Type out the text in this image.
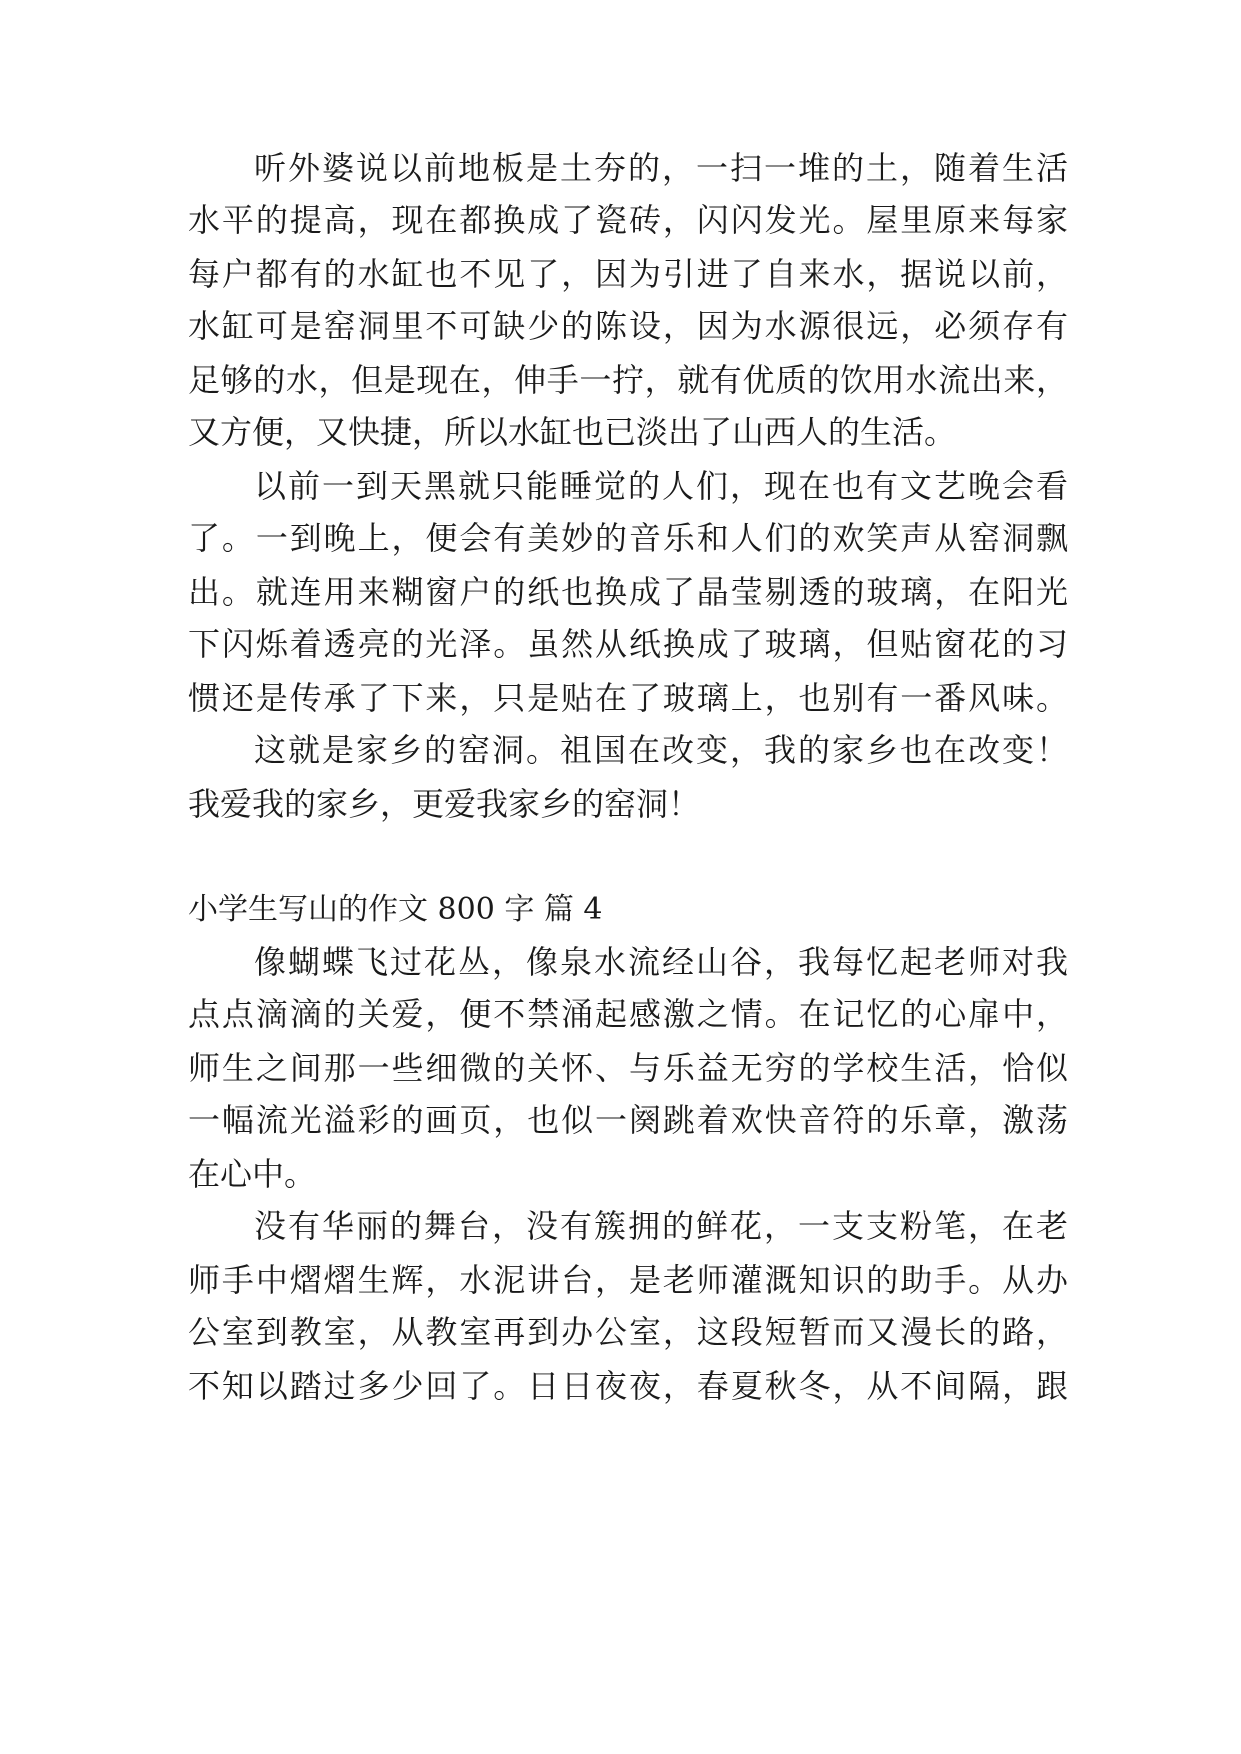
听外婆说以前地板是土夯的，一扫一堆的土，随着生活

水平的提高，现在都换成了瓷砖，闪闪发光。屋里原来每家

每户都有的水缸也不见了，因为引进了自来水，据说以前，

水缸可是窑洞里不可缺少的陈设，因为水源很远，必须存有

足够的水，但是现在，伸手一拧，就有优质的饮用水流出来，

又方便，又快捷，所以水缸也已淡出了山西人的生活。

以前一到天黑就只能睡觉的人们，现在也有文艺晚会看

了。一到晚上，便会有美妙的音乐和人们的欢笑声从窑洞飘

出。就连用来糊窗户的纸也换成了晶莹剔透的玻璃，在阳光

下闪烁着透亮的光泽。虽然从纸换成了玻璃，但贴窗花的习

惯还是传承了下来，只是贴在了玻璃上，也别有一番风味。

这就是家乡的窑洞。祖国在改变，我的家乡也在改变！

我爱我的家乡，更爱我家乡的窑洞！

小学生写山的作文 800 字 篇 4

像蝴蝶飞过花丛，像泉水流经山谷，我每忆起老师对我

点点滴滴的关爱，便不禁涌起感激之情。在记忆的心扉中，

师生之间那一些细微的关怀、与乐益无穷的学校生活，恰似

一幅流光溢彩的画页，也似一阕跳着欢快音符的乐章，激荡

在心中。

没有华丽的舞台，没有簇拥的鲜花，一支支粉笔，在老

师手中熠熠生辉，水泥讲台，是老师灌溉知识的助手。从办

公室到教室，从教室再到办公室，这段短暂而又漫长的路，

不知以踏过多少回了。日日夜夜，春夏秋冬，从不间隔，跟
